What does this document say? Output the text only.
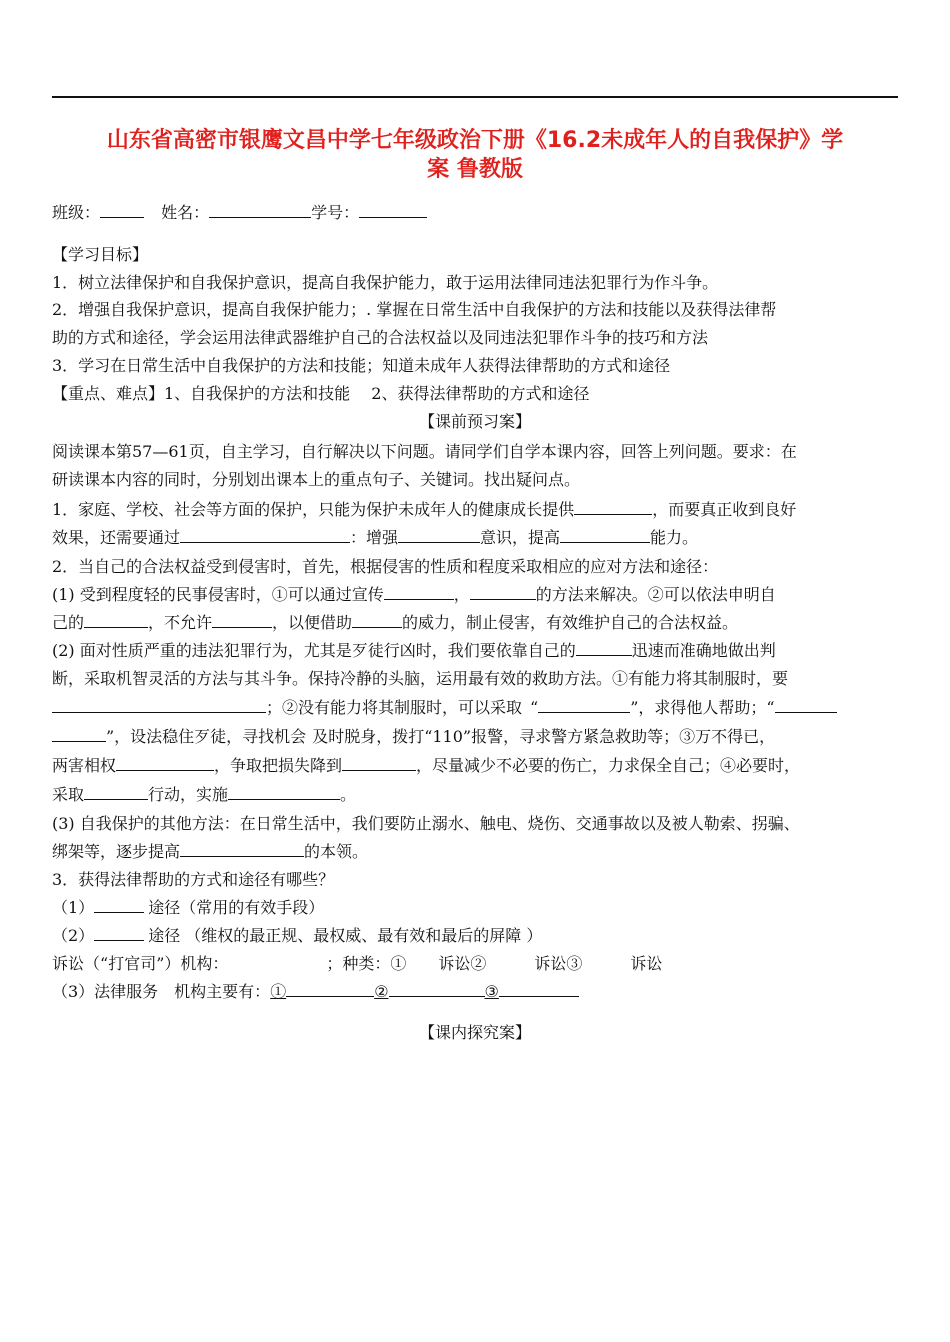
山东省高密市银鹰文昌中学七年级政治下册《16.2未成年人的自我保护》学
案 鲁教版
班级：	姓名：	学号：
【学习目标】
1．树立法律保护和自我保护意识，提高自我保护能力，敢于运用法律同违法犯罪行为作斗争。
2．增强自我保护意识，提高自我保护能力；. 掌握在日常生活中自我保护的方法和技能以及获得法律帮
助的方式和途径，学会运用法律武器维护自己的合法权益以及同违法犯罪作斗争的技巧和方法
3．学习在日常生活中自我保护的方法和技能；知道未成年人获得法律帮助的方式和途径
【重点、难点】1、自我保护的方法和技能　 2、获得法律帮助的方式和途径
【课前预习案】
阅读课本第57—61页，自主学习，自行解决以下问题。请同学们自学本课内容，回答上列问题。要求：在
研读课本内容的同时，分别划出课本上的重点句子、关键词。找出疑问点。
1．家庭、学校、社会等方面的保护，只能为保护未成年人的健康成长提供	，而要真正收到良好
效果，还需要通过	：增强	意识，提高	能力。
2．当自己的合法权益受到侵害时，首先，根据侵害的性质和程度采取相应的应对方法和途径：
(1) 受到程度轻的民事侵害时，①可以通过宣传	，	的方法来解决。②可以依法申明自
己的	，不允许	，以便借助	的威力，制止侵害，有效维护自己的合法权益。
(2) 面对性质严重的违法犯罪行为，尤其是歹徒行凶时，我们要依靠自己的	迅速而准确地做出判
断，采取机智灵活的方法与其斗争。保持冷静的头脑，运用最有效的救助方法。①有能力将其制服时，要
；②没有能力将其制服时，可以采取 “	”，求得他人帮助；“
”，设法稳住歹徒，寻找机会 及时脱身，拨打“110”报警，寻求警方紧急救助等；③万不得已，
两害相权	，争取把损失降到	，尽量减少不必要的伤亡，力求保全自己；④必要时，
采取	行动，实施	。
(3) 自我保护的其他方法：在日常生活中，我们要防止溺水、触电、烧伤、交通事故以及被人勒索、拐骗、
绑架等，逐步提高	的本领。
3．获得法律帮助的方式和途径有哪些？
（1）	途径（常用的有效手段）
（2）	途径 （维权的最正规、最权威、最有效和最后的屏障 ）
诉讼（“打官司”）机构：	；种类：①　　诉讼②　　　诉讼③　　　诉讼
（3）法律服务　机构主要有：①	②	③
【课内探究案】
